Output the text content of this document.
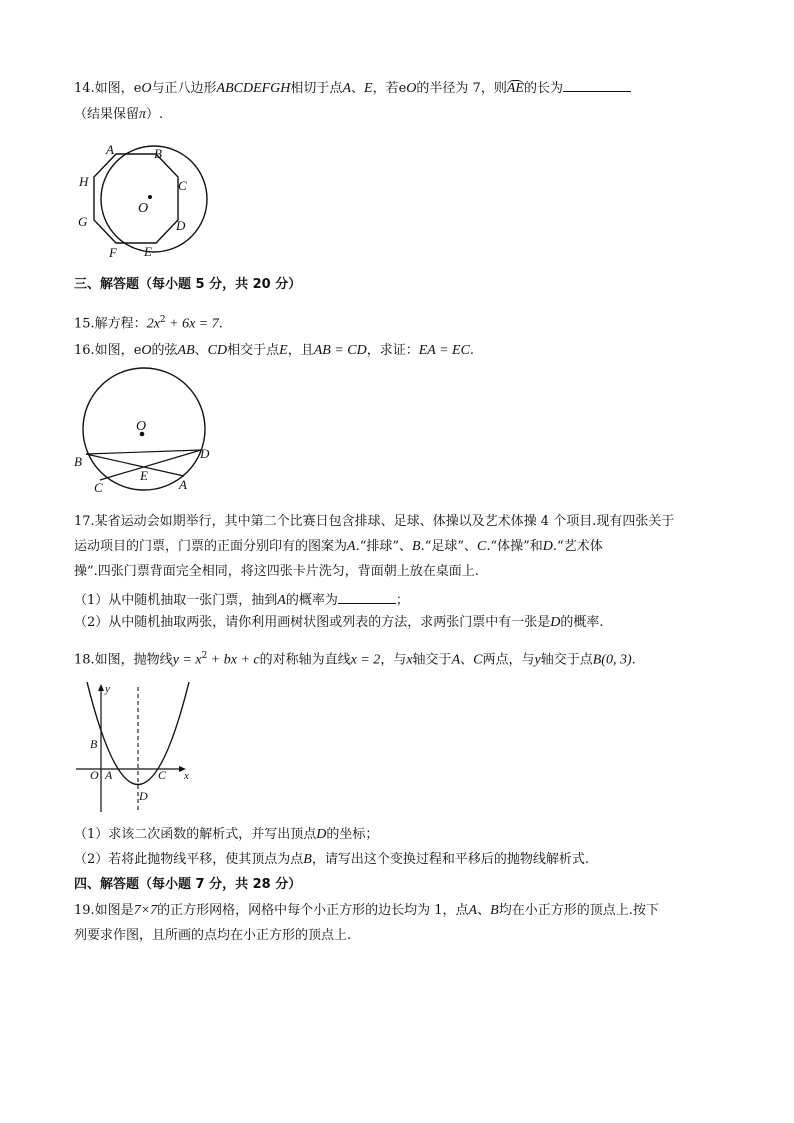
14.如图，eO与正八边形ABCDEFGH相切于点A、E，若eO的半径为 7，则AE的长为
（结果保留π）.
A	B
C
D
E
F
G
H
O
三、解答题（每小题 5 分，共 20 分）
15.解方程：$2x^2 + 6x = 7$.
16.如图，eO的弦AB、CD相交于点E，且AB = CD，求证：EA = EC.
O
B
D
E
C	A
17.某省运动会如期举行，其中第二个比赛日包含排球、足球、体操以及艺术体操 4 个项目.现有四张关于
运动项目的门票，门票的正面分别印有的图案为A.“排球”、B.“足球”、C.“体操”和D.“艺术体
操”.四张门票背面完全相同，将这四张卡片洗匀，背面朝上放在桌面上.
（1）从中随机抽取一张门票，抽到A的概率为	；
（2）从中随机抽取两张，请你利用画树状图或列表的方法，求两张门票中有一张是D的概率.
18.如图，抛物线$y = x^2$ + bx + c的对称轴为直线x = 2，与x轴交于A、C两点，与y轴交于点B(0, 3).
y
x
B
O A	C
D
（1）求该二次函数的解析式，并写出顶点D的坐标；
（2）若将此抛物线平移，使其顶点为点B，请写出这个变换过程和平移后的抛物线解析式.
四、解答题（每小题 7 分，共 28 分）
19.如图是7×7的正方形网格，网格中每个小正方形的边长均为 1，点A、B均在小正方形的顶点上.按下
列要求作图，且所画的点均在小正方形的顶点上.
